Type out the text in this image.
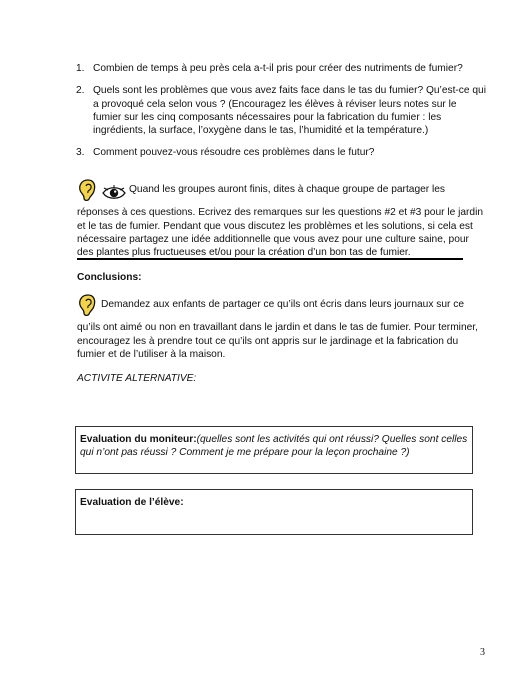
1. Combien de temps à peu près cela a-t-il pris pour créer des nutriments de fumier?
2. Quels sont les problèmes que vous avez faits face dans le tas du fumier? Qu’est-ce qui a provoqué cela selon vous ? (Encouragez les élèves à réviser leurs notes sur le fumier sur les cinq composants nécessaires pour la fabrication du fumier : les ingrédients, la surface, l’oxygène dans le tas, l’humidité et la température.)
3. Comment pouvez-vous résoudre ces problèmes dans le futur?

Quand les groupes auront finis, dites à chaque groupe de partager les réponses à ces questions. Ecrivez des remarques sur les questions #2 et #3 pour le jardin et le tas de fumier. Pendant que vous discutez les problèmes et les solutions, si cela est nécessaire partagez une idée additionnelle que vous avez pour une culture saine, pour des plantes plus fructueuses et/ou pour la création d’un bon tas de fumier.

Conclusions:

Demandez aux enfants de partager ce qu’ils ont écris dans leurs journaux sur ce qu’ils ont aimé ou non en travaillant dans le jardin et dans le tas de fumier. Pour terminer, encouragez les à prendre tout ce qu’ils ont appris sur le jardinage et la fabrication du fumier et de l’utiliser à la maison.

ACTIVITE ALTERNATIVE:

Evaluation du moniteur:(quelles sont les activités qui ont réussi? Quelles sont celles qui n’ont pas réussi ? Comment je me prépare pour la leçon prochaine ?)
Evaluation de l’élève:
3
